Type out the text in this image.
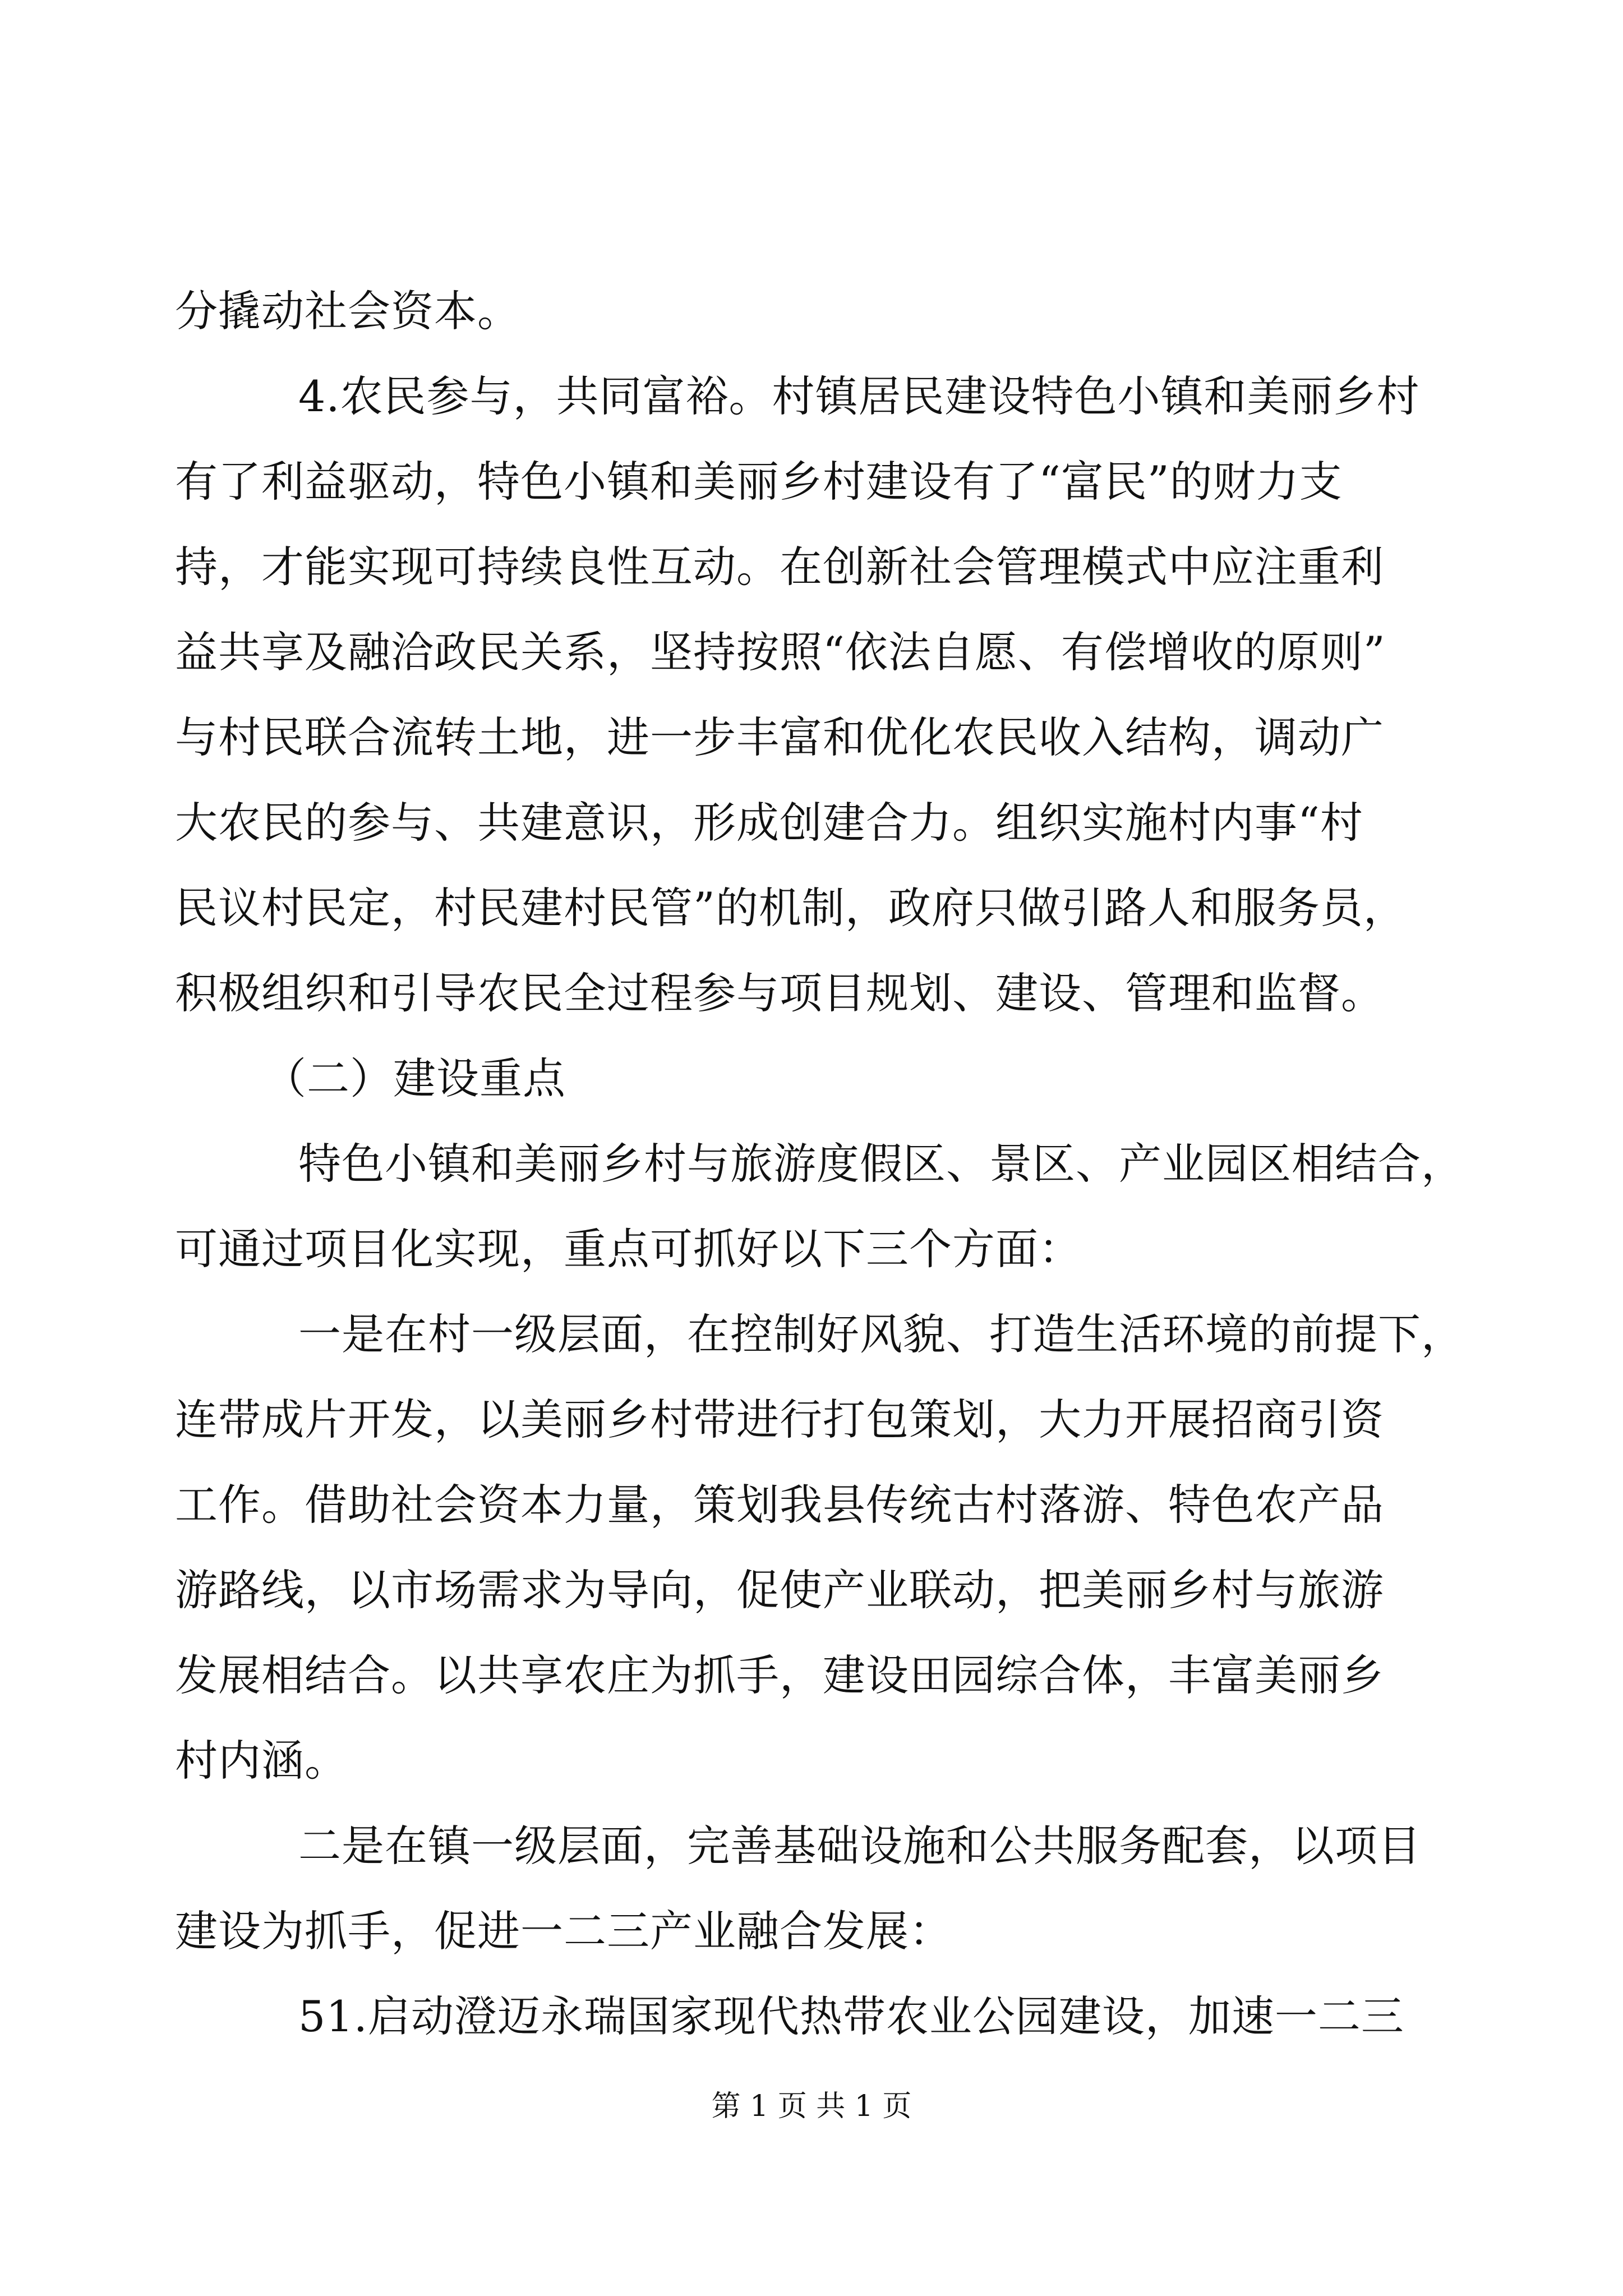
分撬动社会资本。
4.农民参与，共同富裕。村镇居民建设特色小镇和美丽乡村
有了利益驱动，特色小镇和美丽乡村建设有了“富民”的财力支
持，才能实现可持续良性互动。在创新社会管理模式中应注重利
益共享及融洽政民关系，坚持按照“依法自愿、有偿增收的原则”
与村民联合流转土地，进一步丰富和优化农民收入结构，调动广
大农民的参与、共建意识，形成创建合力。组织实施村内事“村
民议村民定，村民建村民管”的机制，政府只做引路人和服务员，
积极组织和引导农民全过程参与项目规划、建设、管理和监督。
（二）建设重点
特色小镇和美丽乡村与旅游度假区、景区、产业园区相结合，
可通过项目化实现，重点可抓好以下三个方面：
一是在村一级层面，在控制好风貌、打造生活环境的前提下，
连带成片开发，以美丽乡村带进行打包策划，大力开展招商引资
工作。借助社会资本力量，策划我县传统古村落游、特色农产品
游路线，以市场需求为导向，促使产业联动，把美丽乡村与旅游
发展相结合。以共享农庄为抓手，建设田园综合体，丰富美丽乡
村内涵。
二是在镇一级层面，完善基础设施和公共服务配套，以项目
建设为抓手，促进一二三产业融合发展：
51.启动澄迈永瑞国家现代热带农业公园建设，加速一二三
第 1 页 共 1 页
